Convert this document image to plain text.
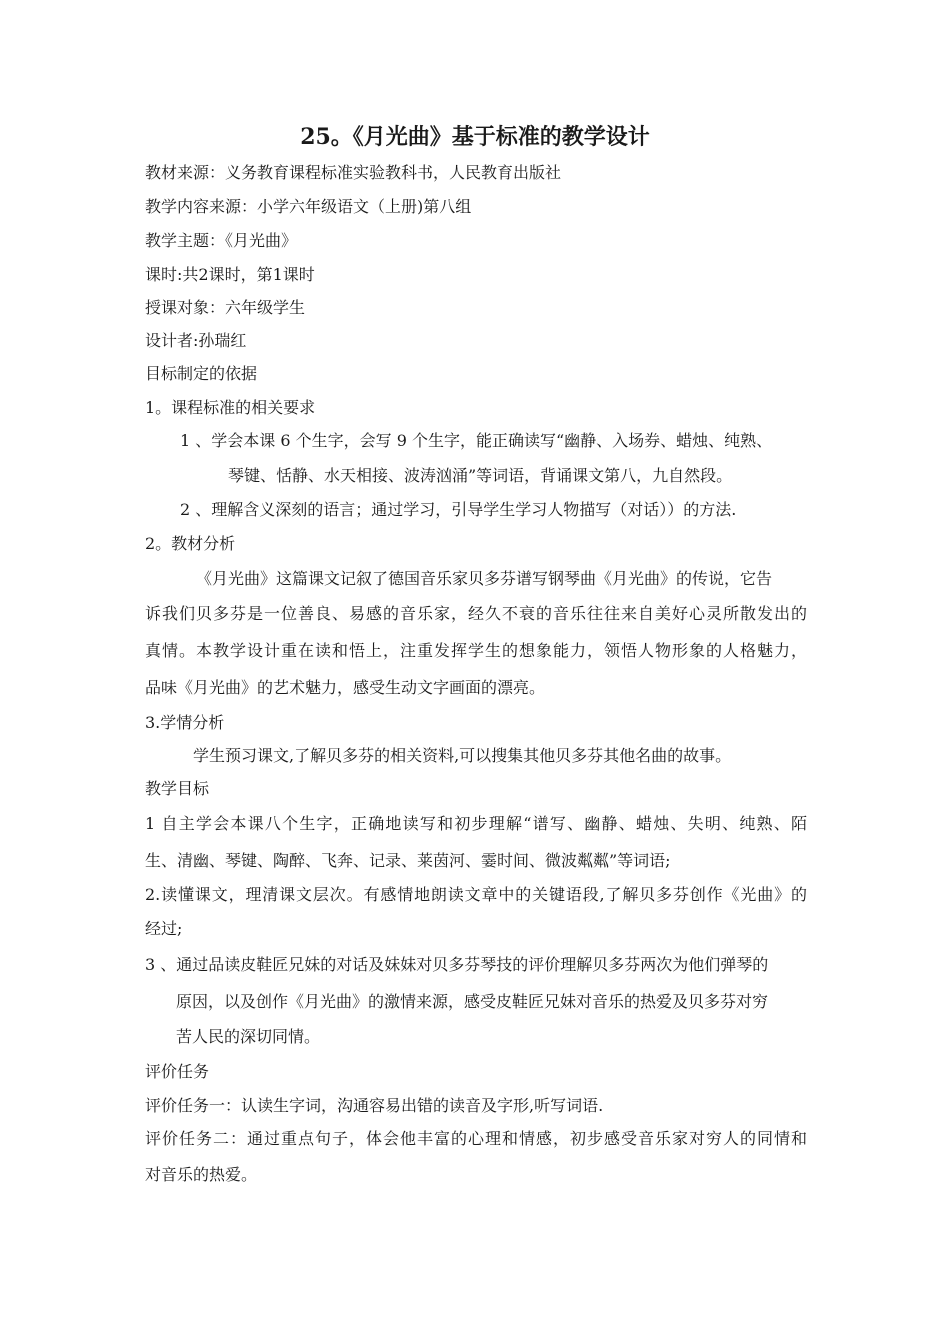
25。《月光曲》基于标准的教学设计
教材来源：义务教育课程标准实验教科书，人民教育出版社
教学内容来源：小学六年级语文（上册)第八组
教学主题：《月光曲》
课时:共2课时，第1课时
授课对象：六年级学生
设计者:孙瑞红
目标制定的依据
1。课程标准的相关要求
1 、学会本课 6 个生字，会写 9 个生字，能正确读写“幽静、入场券、蜡烛、纯熟、
琴键、恬静、水天相接、波涛汹涌”等词语，背诵课文第八，九自然段。
2 、理解含义深刻的语言；通过学习，引导学生学习人物描写（对话））的方法.
2。教材分析
《月光曲》这篇课文记叙了德国音乐家贝多芬谱写钢琴曲《月光曲》的传说，它告
诉我们贝多芬是一位善良、易感的音乐家，经久不衰的音乐往往来自美好心灵所散发出的
真情。本教学设计重在读和悟上，注重发挥学生的想象能力，领悟人物形象的人格魅力，
品味《月光曲》的艺术魅力，感受生动文字画面的漂亮。
3.学情分析
学生预习课文,了解贝多芬的相关资料,可以搜集其他贝多芬其他名曲的故事。
教学目标
1 自主学会本课八个生字，正确地读写和初步理解“谱写、幽静、蜡烛、失明、纯熟、陌
生、清幽、琴键、陶醉、飞奔、记录、莱茵河、霎时间、微波粼粼”等词语;
2.读懂课文，理清课文层次。有感情地朗读文章中的关键语段,了解贝多芬创作《光曲》的
经过;
3 、通过品读皮鞋匠兄妹的对话及妹妹对贝多芬琴技的评价理解贝多芬两次为他们弹琴的
原因，以及创作《月光曲》的激情来源，感受皮鞋匠兄妹对音乐的热爱及贝多芬对穷
苦人民的深切同情。
评价任务
评价任务一：认读生字词，沟通容易出错的读音及字形,听写词语.
评价任务二：通过重点句子，体会他丰富的心理和情感，初步感受音乐家对穷人的同情和
对音乐的热爱。
